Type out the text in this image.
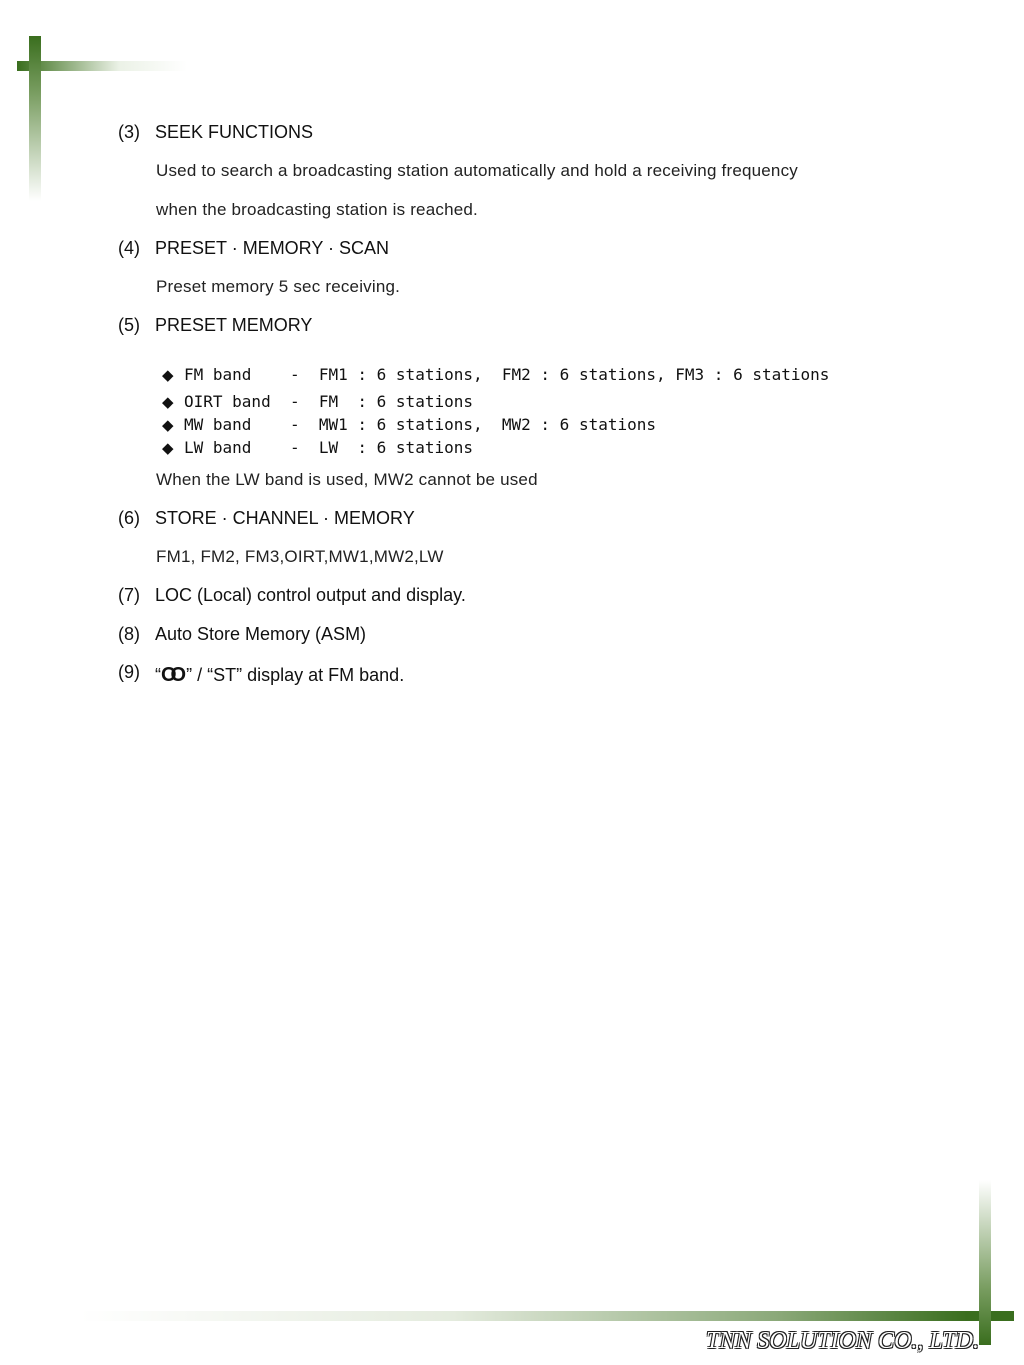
(3) SEEK FUNCTIONS
Used to search a broadcasting station automatically and hold a receiving frequency
when the broadcasting station is reached.
(4) PRESET · MEMORY · SCAN
Preset memory 5 sec receiving.
(5) PRESET MEMORY
◆ FM band    -  FM1 : 6 stations,  FM2 : 6 stations, FM3 : 6 stations
◆ OIRT band  -  FM  : 6 stations
◆ MW band    -  MW1 : 6 stations,  MW2 : 6 stations
◆ LW band    -  LW  : 6 stations
When the LW band is used, MW2 cannot be used
(6) STORE · CHANNEL · MEMORY
FM1, FM2, FM3,OIRT,MW1,MW2,LW
(7) LOC (Local) control output and display.
(8) Auto Store Memory (ASM)
(9) “OO ” / “ST” display at FM band.
TNN SOLUTION CO., LTD.
